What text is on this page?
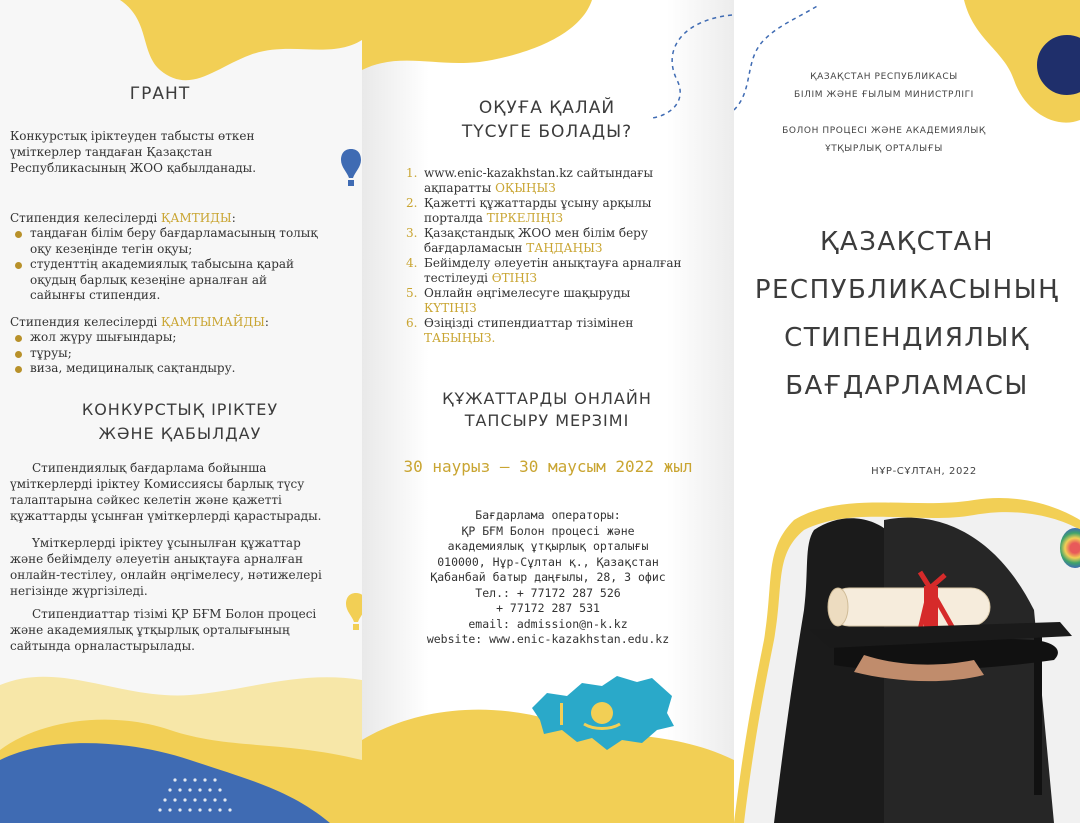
ГРАНТ
Конкурстық іріктеуден табысты өткен
үміткерлер таңдаған Қазақстан
Республикасының ЖОО қабылданады.
Стипендия келесілерді ҚАМТИДЫ:
таңдаған білім беру бағдарламасының толық
оқу кезеңінде тегін оқуы;
студенттің академиялық табысына қарай
оқудың барлық кезеңіне арналған ай
сайынғы стипендия.
Стипендия келесілерді ҚАМТЫМАЙДЫ:
жол жүру шығындары;
тұруы;
виза, медициналық сақтандыру.
КОНКУРСТЫҚ ІРІКТЕУ
ЖӘНЕ ҚАБЫЛДАУ
Стипендиялық бағдарлама бойынша
үміткерлерді іріктеу Комиссиясы барлық түсу
талаптарына сәйкес келетін және қажетті
құжаттарды ұсынған үміткерлерді қарастырады.
Үміткерлерді іріктеу ұсынылған құжаттар
және бейімделу әлеуетін анықтауға арналған
онлайн-тестілеу, онлайн әңгімелесу, нәтижелері
негізінде жүргізіледі.
Стипендиаттар тізімі ҚР БҒМ Болон процесі
және академиялық ұтқырлық орталығының
сайтында орналастырылады.
ОҚУҒА ҚАЛАЙ
ТҮСУГЕ БОЛАДЫ?
1. www.enic-kazakhstan.kz сайтындағы
ақпаратты ОҚЫҢЫЗ
2. Қажетті құжаттарды ұсыну арқылы
порталда ТІРКЕЛІҢІЗ
3. Қазақстандық ЖОО мен білім беру
бағдарламасын ТАҢДАҢЫЗ
4. Бейімделу әлеуетін анықтауға арналған
тестілеуді ӨТІҢІЗ
5. Онлайн әңгімелесуге шақыруды
КҮТІҢІЗ
6. Өзіңізді стипендиаттар тізімінен
ТАБЫҢЫЗ.
ҚҰЖАТТАРДЫ ОНЛАЙН
ТАПСЫРУ МЕРЗІМІ
30 наурыз – 30 маусым 2022 жыл
Бағдарлама операторы:
ҚР БҒМ Болон процесі және
академиялық ұтқырлық орталығы
010000, Нұр-Сұлтан қ., Қазақстан
Қабанбай батыр даңғылы, 28, 3 офис
Тел.: + 77172 287 526
+ 77172 287 531
email: admission@n-k.kz
website: www.enic-kazakhstan.edu.kz
ҚАЗАҚСТАН РЕСПУБЛИКАСЫ
БІЛІМ ЖӘНЕ ҒЫЛЫМ МИНИСТРЛІГІ
БОЛОН ПРОЦЕСІ ЖӘНЕ АКАДЕМИЯЛЫҚ
ҰТҚЫРЛЫҚ ОРТАЛЫҒЫ
ҚАЗАҚСТАН
РЕСПУБЛИКАСЫНЫҢ
СТИПЕНДИЯЛЫҚ
БАҒДАРЛАМАСЫ
НҰР-СҰЛТАН, 2022
